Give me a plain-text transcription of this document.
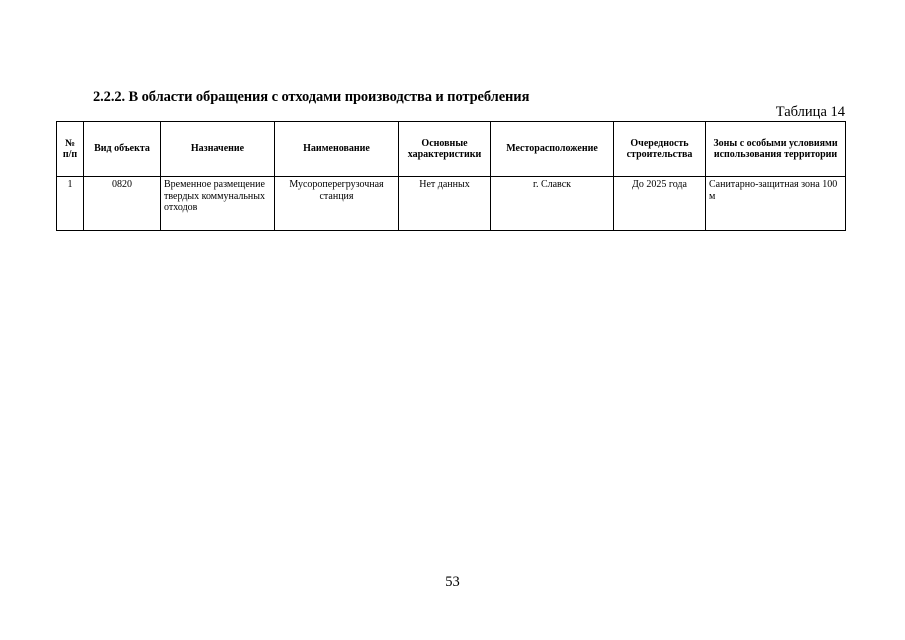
2.2.2. В области обращения с отходами производства и потребления
Таблица 14
№ п/п	Вид объекта	Назначение	Наименование	Основные характеристики	Месторасположение	Очередность строительства	Зоны с особыми условиями использования территории
1	0820	Временное размещение твердых коммунальных отходов	Мусороперегрузочная станция	Нет данных	г. Славск	До 2025 года	Санитарно-защитная зона 100 м
53
